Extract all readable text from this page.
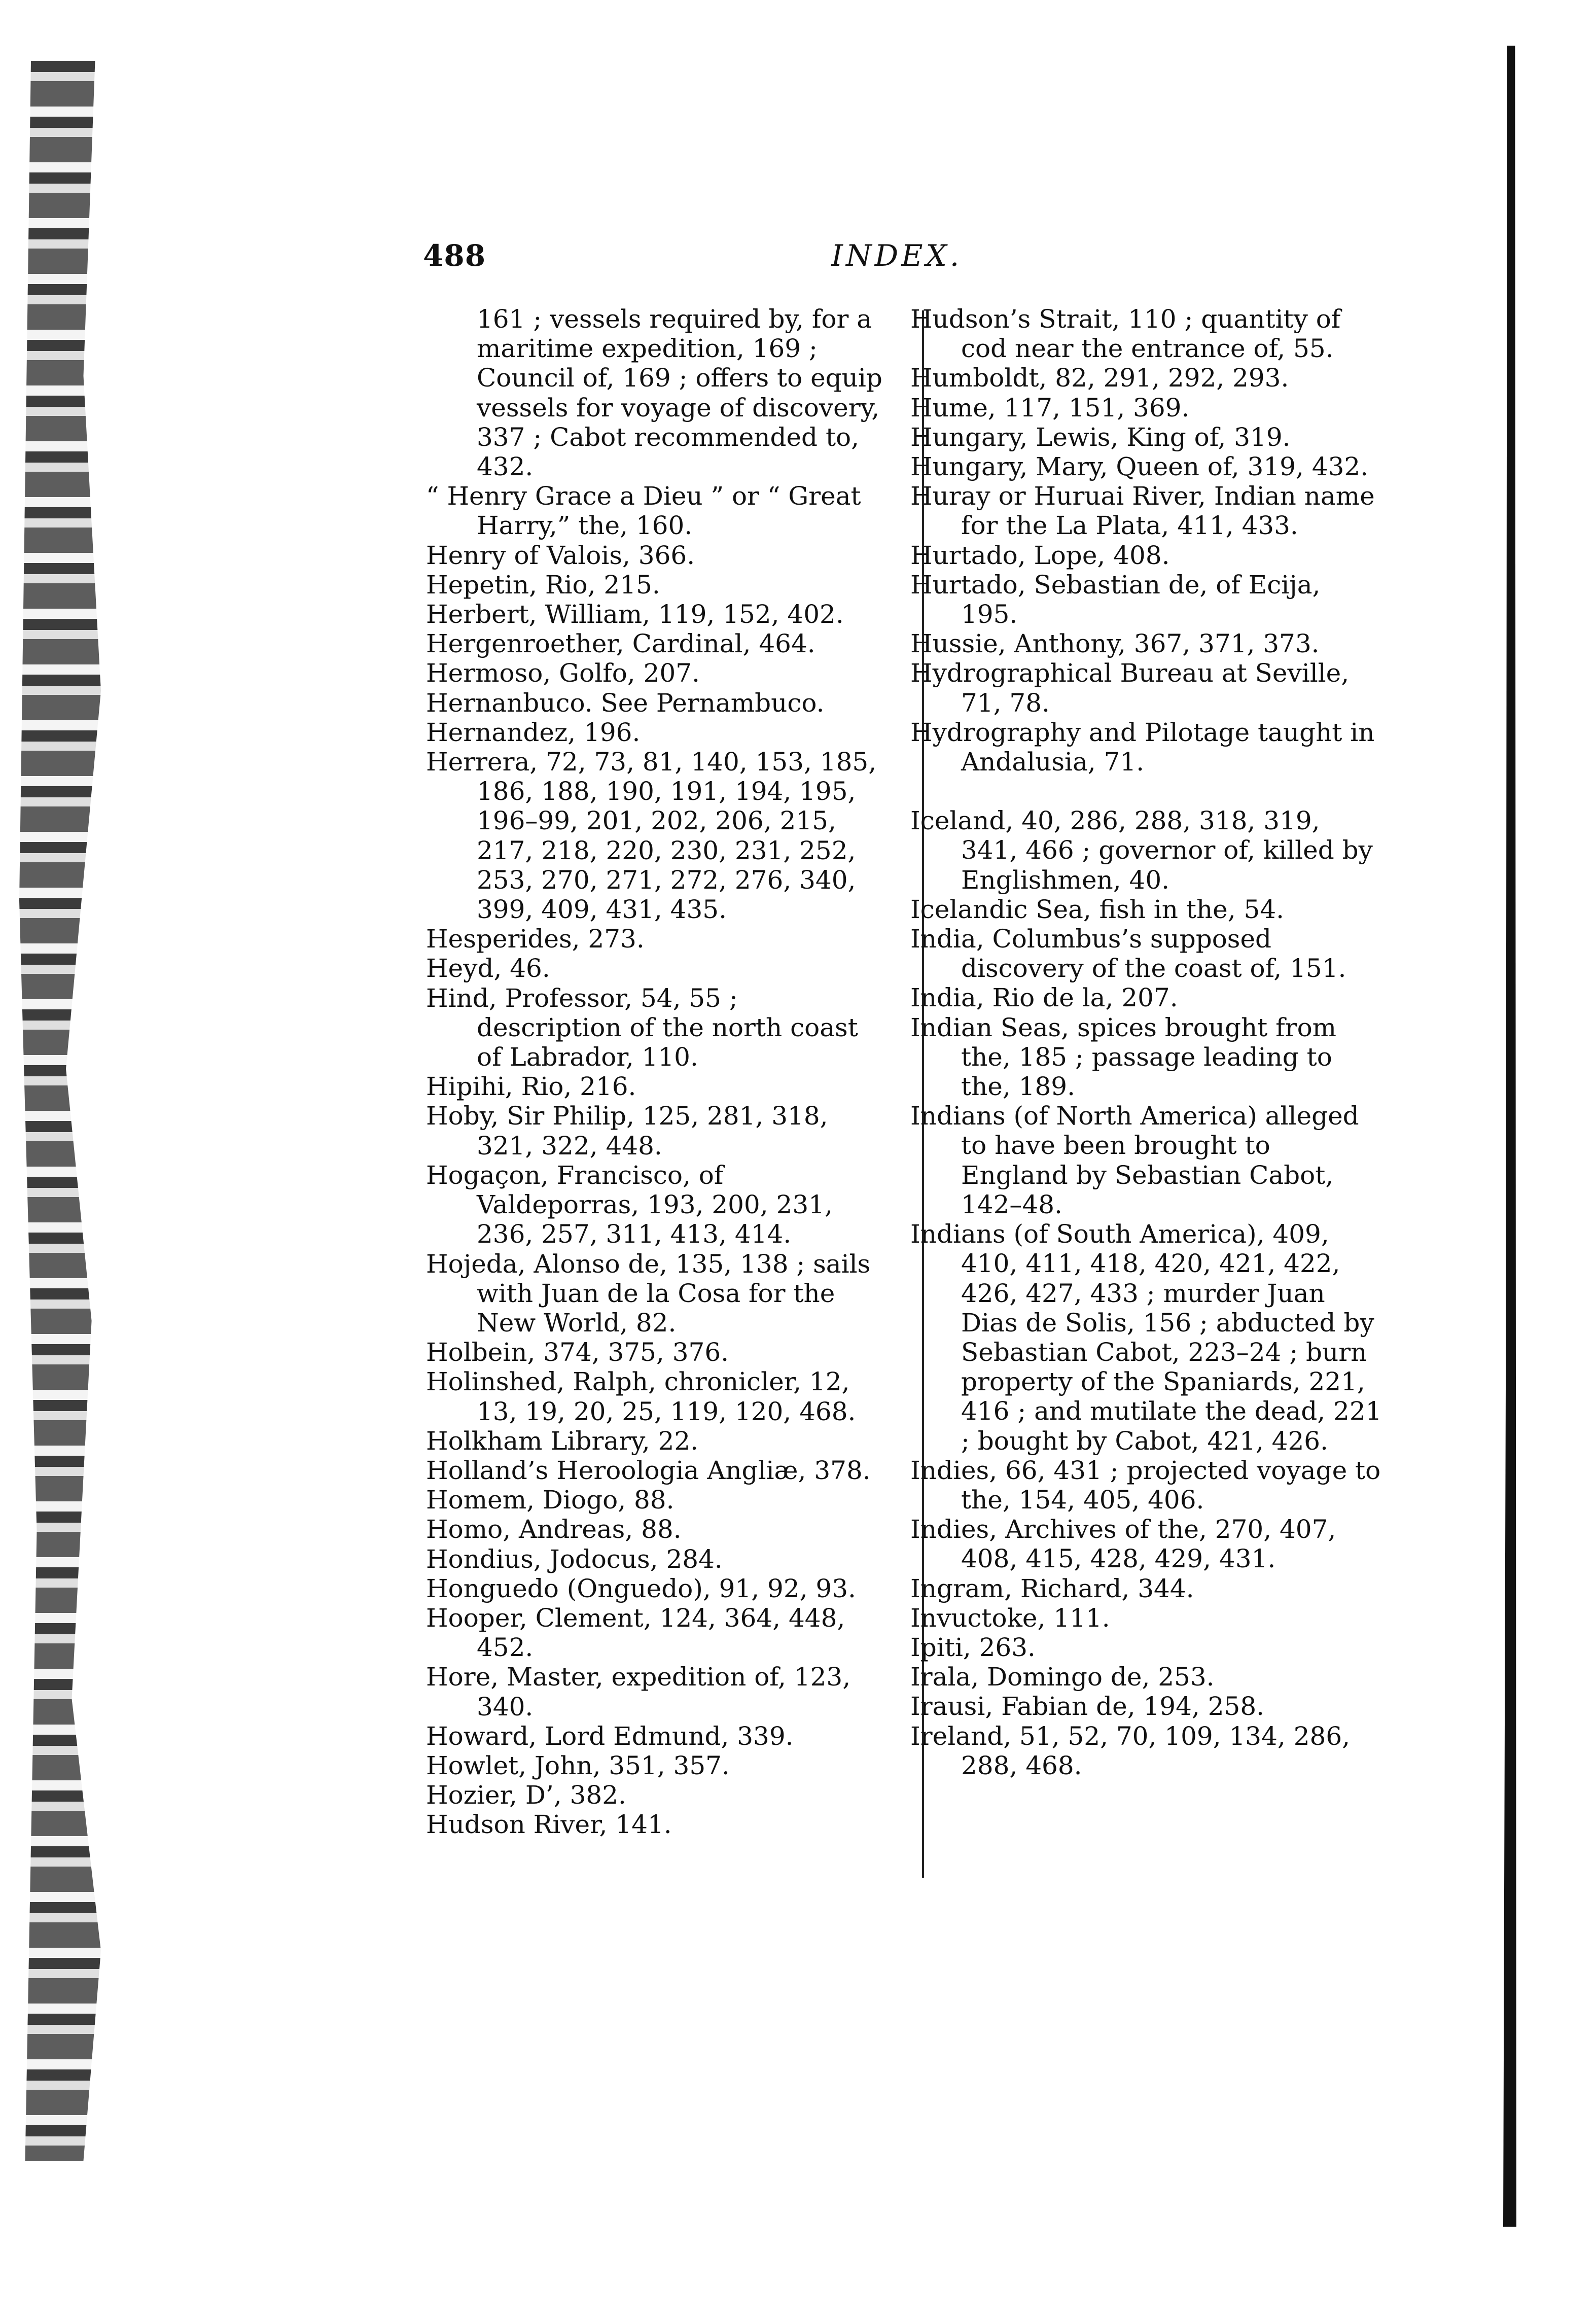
488	INDEX.
161 ; vessels required by, for a maritime expedition, 169 ; Council of, 169 ; offers to equip vessels for voyage of discovery, 337 ; Cabot recommended to, 432.
“ Henry Grace a Dieu ” or “ Great Harry,” the, 160.
Henry of Valois, 366.
Hepetin, Rio, 215.
Herbert, William, 119, 152, 402.
Hergenroether, Cardinal, 464.
Hermoso, Golfo, 207.
Hernanbuco. See Pernambuco.
Hernandez, 196.
Herrera, 72, 73, 81, 140, 153, 185, 186, 188, 190, 191, 194, 195, 196–99, 201, 202, 206, 215, 217, 218, 220, 230, 231, 252, 253, 270, 271, 272, 276, 340, 399, 409, 431, 435.
Hesperides, 273.
Heyd, 46.
Hind, Professor, 54, 55 ; description of the north coast of Labrador, 110.
Hipihi, Rio, 216.
Hoby, Sir Philip, 125, 281, 318, 321, 322, 448.
Hogaçon, Francisco, of Valdeporras, 193, 200, 231, 236, 257, 311, 413, 414.
Hojeda, Alonso de, 135, 138 ; sails with Juan de la Cosa for the New World, 82.
Holbein, 374, 375, 376.
Holinshed, Ralph, chronicler, 12, 13, 19, 20, 25, 119, 120, 468.
Holkham Library, 22.
Holland’s Heroologia Angliæ, 378.
Homem, Diogo, 88.
Homo, Andreas, 88.
Hondius, Jodocus, 284.
Honguedo (Onguedo), 91, 92, 93.
Hooper, Clement, 124, 364, 448, 452.
Hore, Master, expedition of, 123, 340.
Howard, Lord Edmund, 339.
Howlet, John, 351, 357.
Hozier, D’, 382.
Hudson River, 141.
Hudson’s Strait, 110 ; quantity of cod near the entrance of, 55.
Humboldt, 82, 291, 292, 293.
Hume, 117, 151, 369.
Hungary, Lewis, King of, 319.
Hungary, Mary, Queen of, 319, 432.
Huray or Huruai River, Indian name for the La Plata, 411, 433.
Hurtado, Lope, 408.
Hurtado, Sebastian de, of Ecija, 195.
Hussie, Anthony, 367, 371, 373.
Hydrographical Bureau at Seville, 71, 78.
Hydrography and Pilotage taught in Andalusia, 71.
Iceland, 40, 286, 288, 318, 319, 341, 466 ; governor of, killed by Englishmen, 40.
Icelandic Sea, fish in the, 54.
India, Columbus’s supposed discovery of the coast of, 151.
India, Rio de la, 207.
Indian Seas, spices brought from the, 185 ; passage leading to the, 189.
Indians (of North America) alleged to have been brought to England by Sebastian Cabot, 142–48.
Indians (of South America), 409, 410, 411, 418, 420, 421, 422, 426, 427, 433 ; murder Juan Dias de Solis, 156 ; abducted by Sebastian Cabot, 223–24 ; burn property of the Spaniards, 221, 416 ; and mutilate the dead, 221 ; bought by Cabot, 421, 426.
Indies, 66, 431 ; projected voyage to the, 154, 405, 406.
Indies, Archives of the, 270, 407, 408, 415, 428, 429, 431.
Ingram, Richard, 344.
Invuctoke, 111.
Ipiti, 263.
Irala, Domingo de, 253.
Irausi, Fabian de, 194, 258.
Ireland, 51, 52, 70, 109, 134, 286, 288, 468.
